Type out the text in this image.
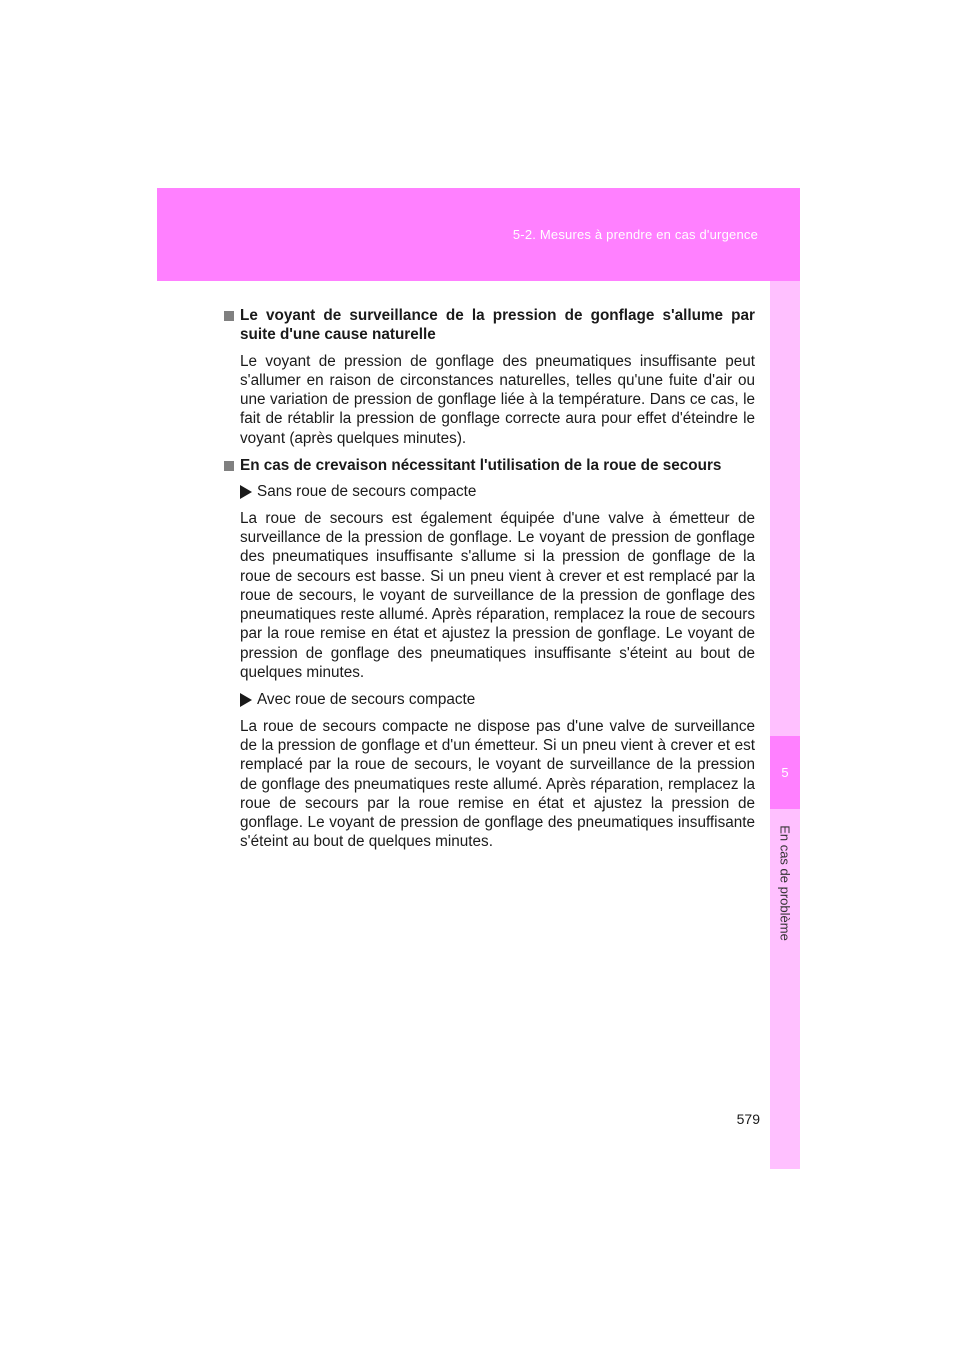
5-2. Mesures à prendre en cas d'urgence
5
En cas de problème
Le voyant de surveillance de la pression de gonflage s'allume par suite d'une cause naturelle

Le voyant de pression de gonflage des pneumatiques insuffisante peut s'allumer en raison de circonstances naturelles, telles qu'une fuite d'air ou une variation de pression de gonflage liée à la température. Dans ce cas, le fait de rétablir la pression de gonflage correcte aura pour effet d'éteindre le voyant (après quelques minutes).

En cas de crevaison nécessitant l'utilisation de la roue de secours
Sans roue de secours compacte

La roue de secours est également équipée d'une valve à émetteur de surveillance de la pression de gonflage. Le voyant de pression de gonflage des pneumatiques insuffisante s'allume si la pression de gonflage de la roue de secours est basse. Si un pneu vient à crever et est remplacé par la roue de secours, le voyant de surveillance de la pression de gonflage des pneumatiques reste allumé. Après réparation, remplacez la roue de secours par la roue remise en état et ajustez la pression de gonflage. Le voyant de pression de gonflage des pneumatiques insuffisante s'éteint au bout de quelques minutes.

Avec roue de secours compacte

La roue de secours compacte ne dispose pas d'une valve de surveillance de la pression de gonflage et d'un émetteur. Si un pneu vient à crever et est remplacé par la roue de secours, le voyant de surveillance de la pression de gonflage des pneumatiques reste allumé. Après réparation, remplacez la roue de secours par la roue remise en état et ajustez la pression de gonflage. Le voyant de pression de gonflage des pneumatiques insuffisante s'éteint au bout de quelques minutes.

579
